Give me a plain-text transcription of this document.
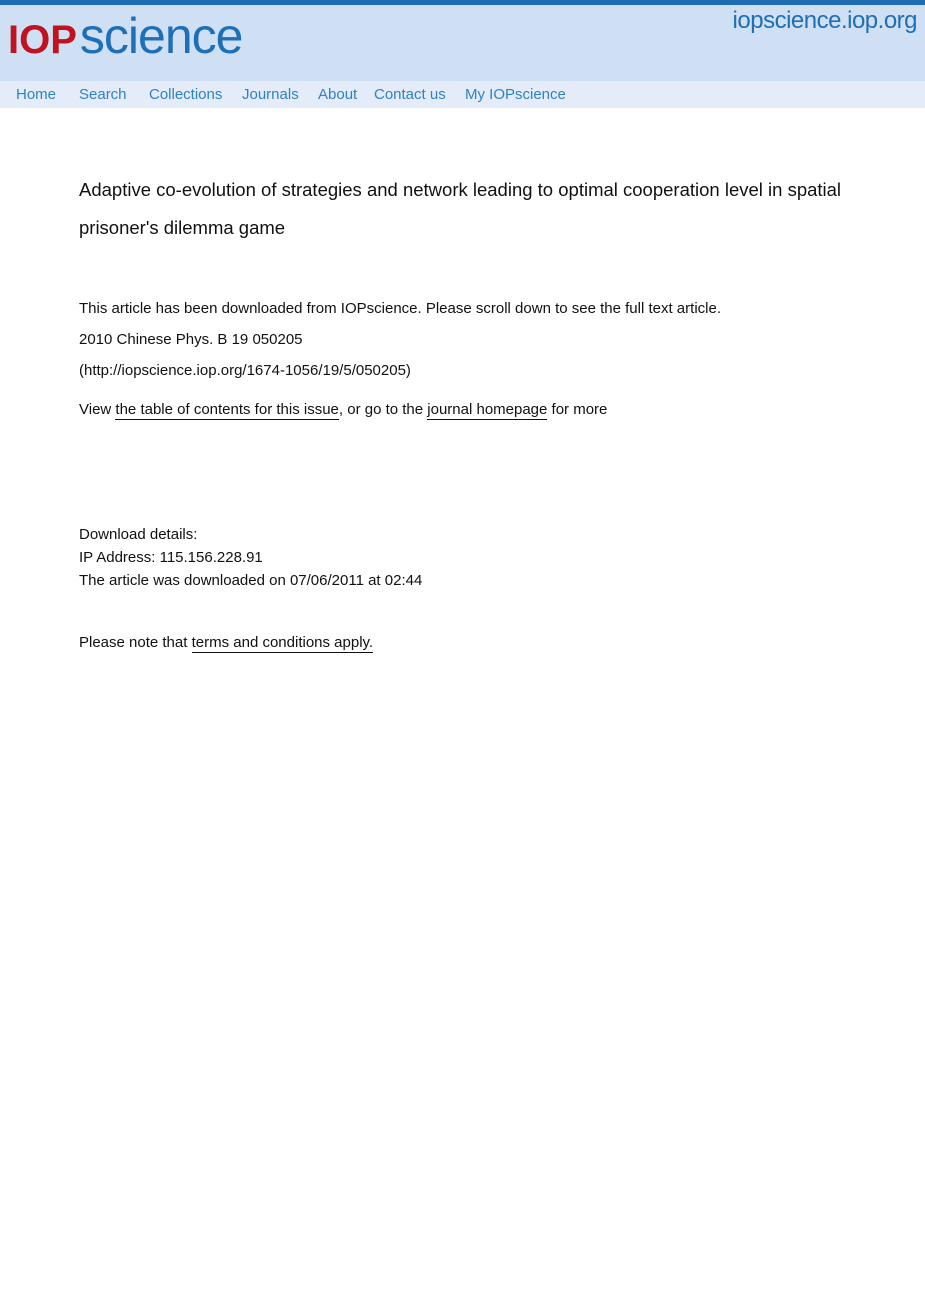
IOPscience	iopscience.iop.org
Home Search Collections Journals About Contact us My IOPscience
Adaptive co-evolution of strategies and network leading to optimal cooperation level in spatial prisoner's dilemma game
This article has been downloaded from IOPscience. Please scroll down to see the full text article.
2010 Chinese Phys. B 19 050205
(http://iopscience.iop.org/1674-1056/19/5/050205)
View the table of contents for this issue, or go to the journal homepage for more
Download details:
IP Address: 115.156.228.91
The article was downloaded on 07/06/2011 at 02:44
Please note that terms and conditions apply.
